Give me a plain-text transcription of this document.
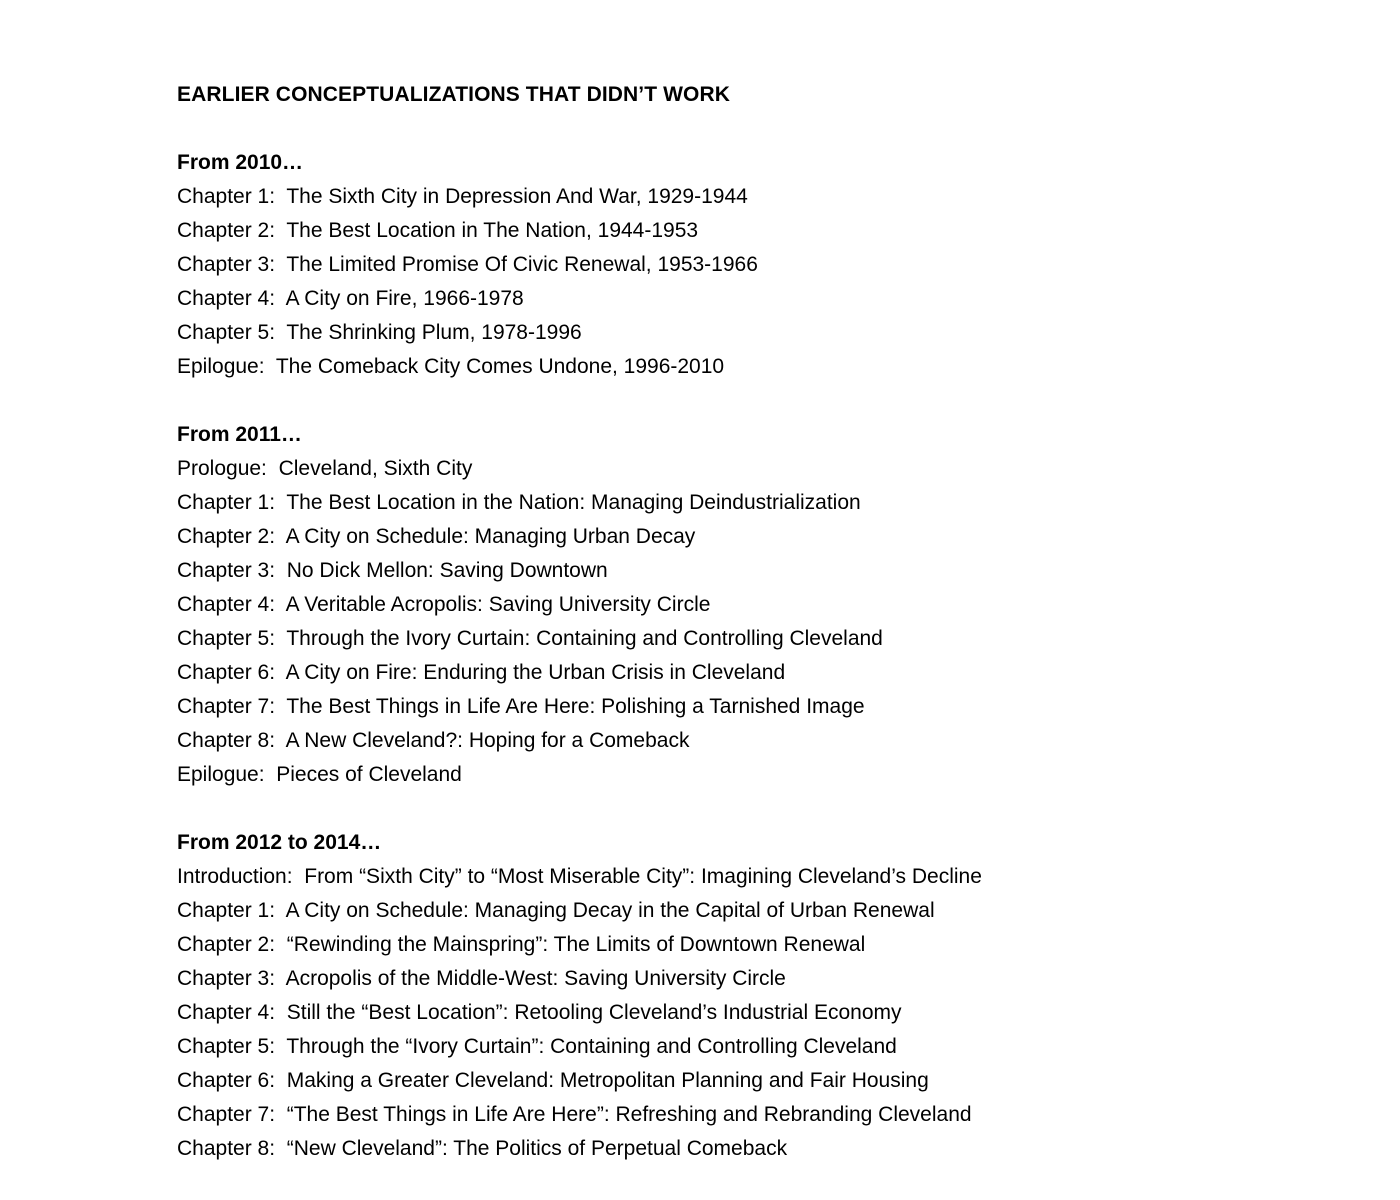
EARLIER CONCEPTUALIZATIONS THAT DIDN’T WORK
From 2010…
Chapter 1:  The Sixth City in Depression And War, 1929-1944
Chapter 2:  The Best Location in The Nation, 1944-1953
Chapter 3:  The Limited Promise Of Civic Renewal, 1953-1966
Chapter 4:  A City on Fire, 1966-1978
Chapter 5:  The Shrinking Plum, 1978-1996
Epilogue:  The Comeback City Comes Undone, 1996-2010
From 2011…
Prologue:  Cleveland, Sixth City
Chapter 1:  The Best Location in the Nation: Managing Deindustrialization
Chapter 2:  A City on Schedule: Managing Urban Decay
Chapter 3:  No Dick Mellon: Saving Downtown
Chapter 4:  A Veritable Acropolis: Saving University Circle
Chapter 5:  Through the Ivory Curtain: Containing and Controlling Cleveland
Chapter 6:  A City on Fire: Enduring the Urban Crisis in Cleveland
Chapter 7:  The Best Things in Life Are Here: Polishing a Tarnished Image
Chapter 8:  A New Cleveland?: Hoping for a Comeback
Epilogue:  Pieces of Cleveland
From 2012 to 2014…
Introduction:  From “Sixth City” to “Most Miserable City”: Imagining Cleveland’s Decline
Chapter 1:  A City on Schedule: Managing Decay in the Capital of Urban Renewal
Chapter 2:  “Rewinding the Mainspring”: The Limits of Downtown Renewal
Chapter 3:  Acropolis of the Middle-West: Saving University Circle
Chapter 4:  Still the “Best Location”: Retooling Cleveland’s Industrial Economy
Chapter 5:  Through the “Ivory Curtain”: Containing and Controlling Cleveland
Chapter 6:  Making a Greater Cleveland: Metropolitan Planning and Fair Housing
Chapter 7:  “The Best Things in Life Are Here”: Refreshing and Rebranding Cleveland
Chapter 8:  “New Cleveland”: The Politics of Perpetual Comeback
